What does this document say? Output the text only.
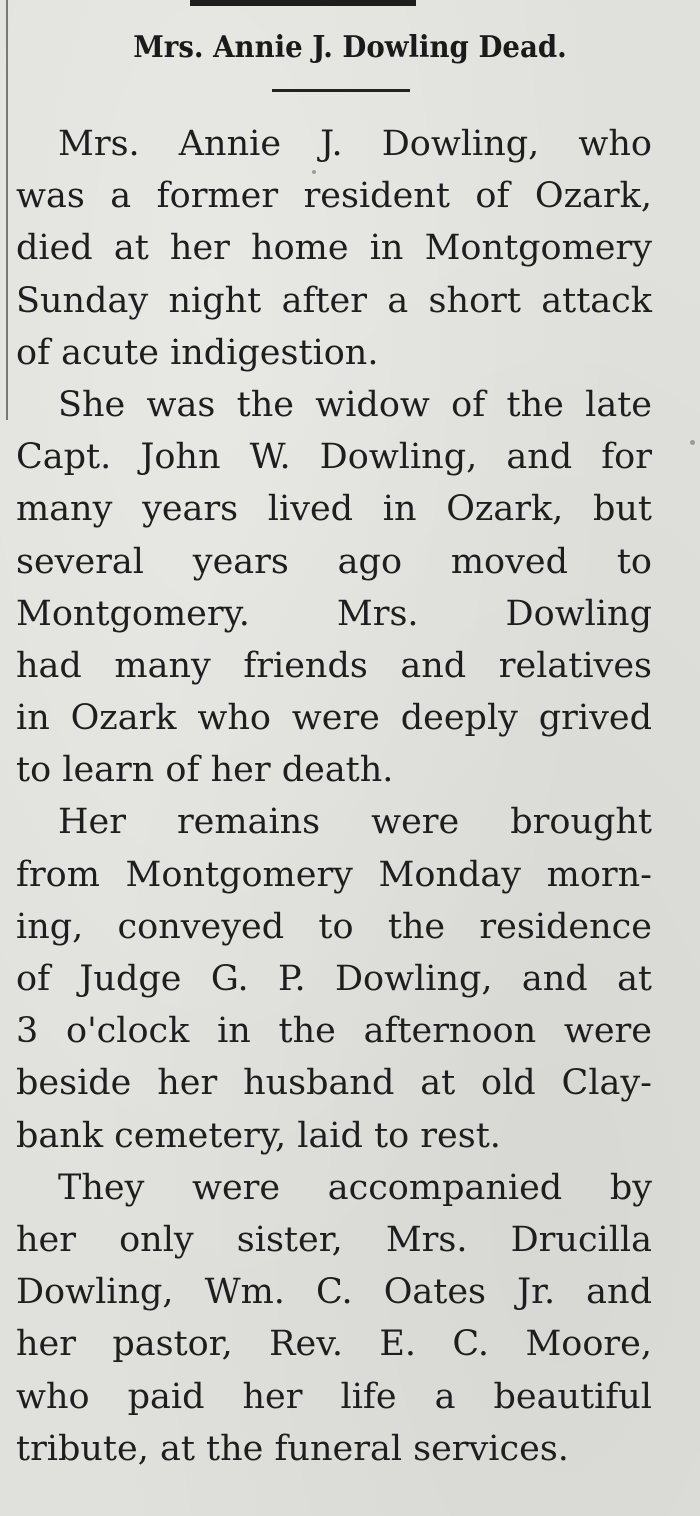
Mrs. Annie J. Dowling Dead.
Mrs. Annie J. Dowling, who
was a former resident of Ozark,
died at her home in Montgomery
Sunday night after a short attack
of acute indigestion.
She was the widow of the late
Capt. John W. Dowling, and for
many years lived in Ozark, but
several years ago moved to
Montgomery. Mrs. Dowling
had many friends and relatives
in Ozark who were deeply grived
to learn of her death.
Her remains were brought
from Montgomery Monday morn-
ing, conveyed to the residence
of Judge G. P. Dowling, and at
3 o'clock in the afternoon were
beside her husband at old Clay-
bank cemetery, laid to rest.
They were accompanied by
her only sister, Mrs. Drucilla
Dowling, Wm. C. Oates Jr. and
her pastor, Rev. E. C. Moore,
who paid her life a beautiful
tribute, at the funeral services.
